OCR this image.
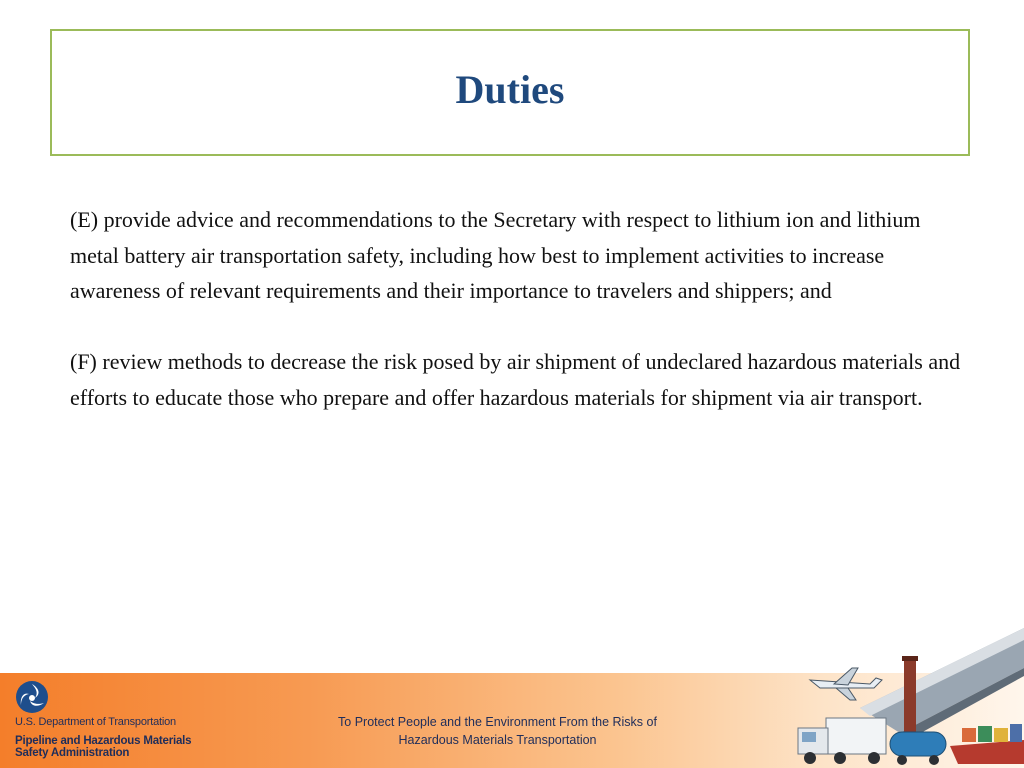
Duties

(E) provide advice and recommendations to the Secretary with respect to lithium ion and lithium metal battery air transportation safety, including how best to implement activities to increase awareness of relevant requirements and their importance to travelers and shippers; and

(F) review methods to decrease the risk posed by air shipment of undeclared hazardous materials and efforts to educate those who prepare and offer hazardous materials for shipment via air transport.

U.S. Department of Transportation
Pipeline and Hazardous Materials
Safety Administration
To Protect People and the Environment From the Risks of
Hazardous Materials Transportation
